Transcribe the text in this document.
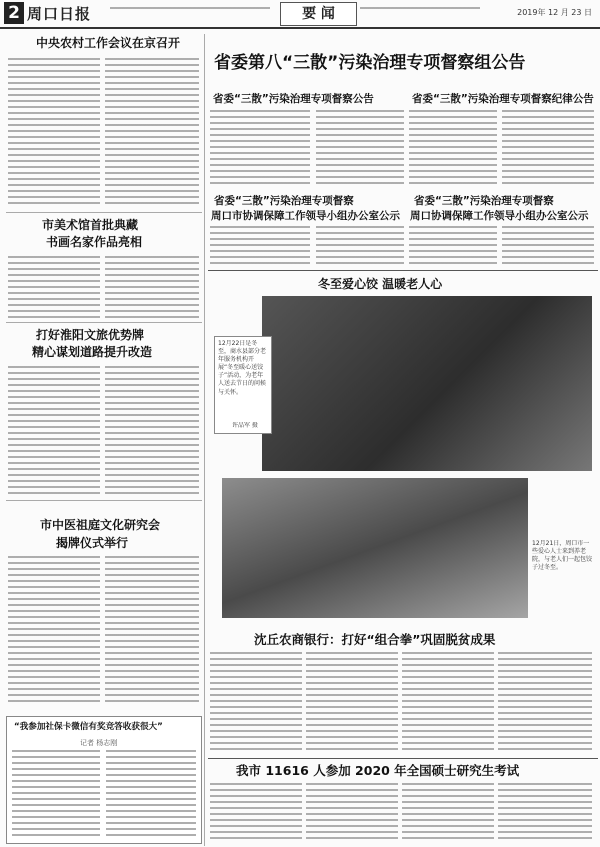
2 周口日报	要 闻	2019年 12 月 23 日
中央农村工作会议在京召开
市美术馆首批典藏
书画名家作品亮相
打好淮阳文旅优势牌
精心谋划道路提升改造
市中医祖庭文化研究会
揭牌仪式举行
“我参加社保卡微信有奖竞答收获很大”
记者 杨志刚
省委第八“三散”污染治理专项督察组公告
省委“三散”污染治理专项督察公告	省委“三散”污染治理专项督察纪律公告
省委“三散”污染治理专项督察
周口市协调保障工作领导小组办公室公示
省委“三散”污染治理专项督察
周口协调保障工作领导小组办公室公示
冬至爱心饺 温暖老人心
12月22日是冬至，商水县部分老年服务机构开展“冬至暖心送饺子”活动，为老年人送去节日的问候与关怀。
许品军 摄
12月21日，周口市一些爱心人士来到养老院，与老人们一起包饺子过冬至。
沈丘农商银行：打好“组合拳”巩固脱贫成果
我市 11616 人参加 2020 年全国硕士研究生考试
